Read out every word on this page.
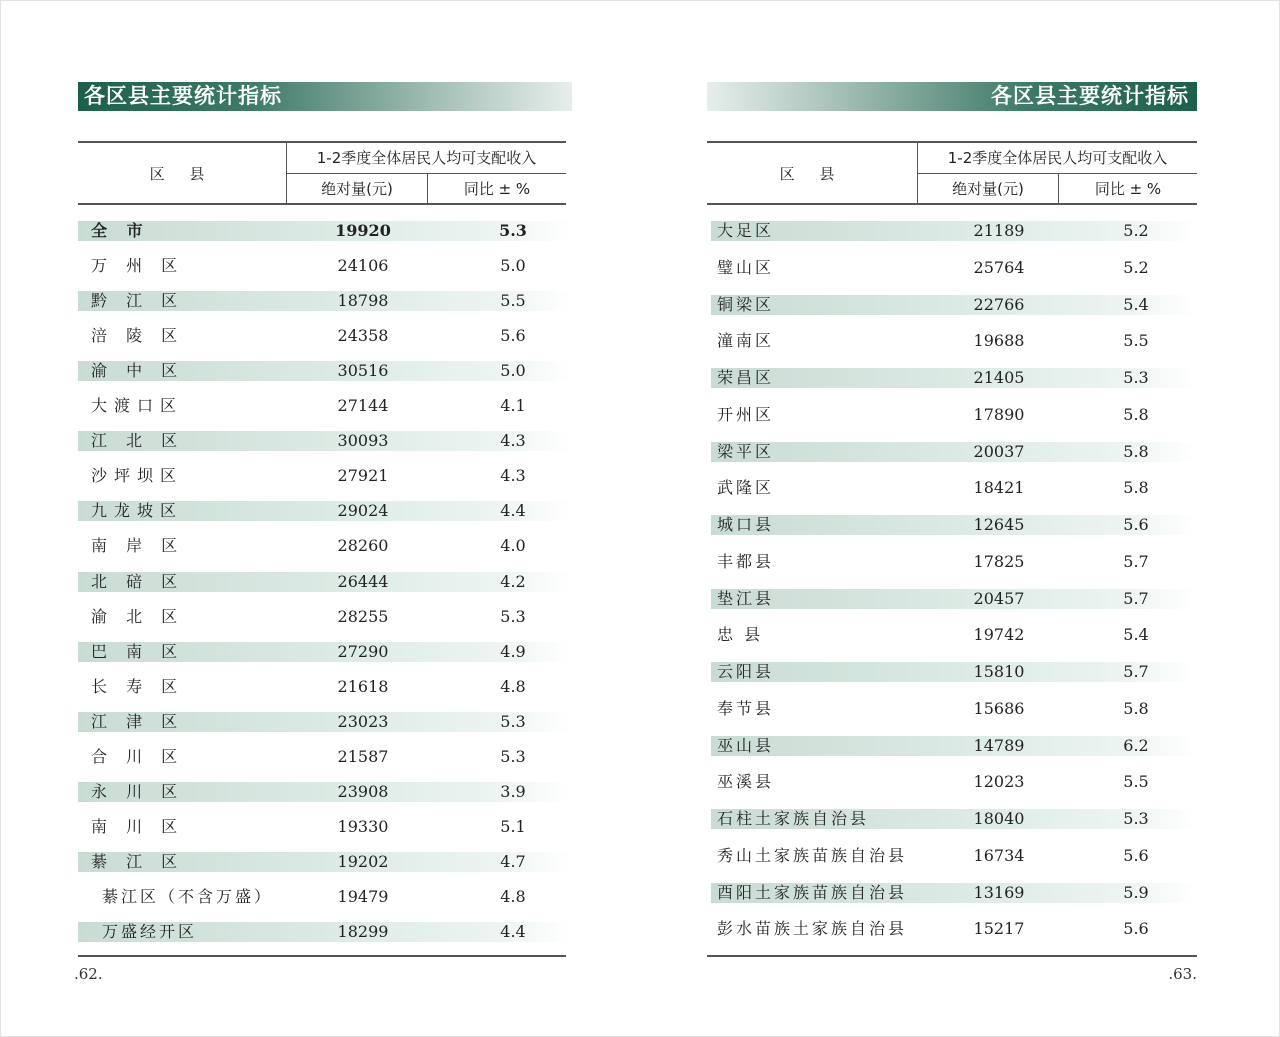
各区县主要统计指标
区 县
1-2季度全体居民人均可支配收入
绝对量(元)	同比 ± %
全 市	19920	5.3
万 州 区	24106	5.0
黔 江 区	18798	5.5
涪 陵 区	24358	5.6
渝 中 区	30516	5.0
大渡口区	27144	4.1
江 北 区	30093	4.3
沙坪坝区	27921	4.3
九龙坡区	29024	4.4
南 岸 区	28260	4.0
北 碚 区	26444	4.2
渝 北 区	28255	5.3
巴 南 区	27290	4.9
长 寿 区	21618	4.8
江 津 区	23023	5.3
合 川 区	21587	5.3
永 川 区	23908	3.9
南 川 区	19330	5.1
綦 江 区	19202	4.7
綦江区（不含万盛）	19479	4.8
万盛经开区	18299	4.4
.62.
各区县主要统计指标
区 县
1-2季度全体居民人均可支配收入
绝对量(元)	同比 ± %
大足区	21189	5.2
璧山区	25764	5.2
铜梁区	22766	5.4
潼南区	19688	5.5
荣昌区	21405	5.3
开州区	17890	5.8
梁平区	20037	5.8
武隆区	18421	5.8
城口县	12645	5.6
丰都县	17825	5.7
垫江县	20457	5.7
忠 县	19742	5.4
云阳县	15810	5.7
奉节县	15686	5.8
巫山县	14789	6.2
巫溪县	12023	5.5
石柱土家族自治县	18040	5.3
秀山土家族苗族自治县	16734	5.6
酉阳土家族苗族自治县	13169	5.9
彭水苗族土家族自治县	15217	5.6
.63.
